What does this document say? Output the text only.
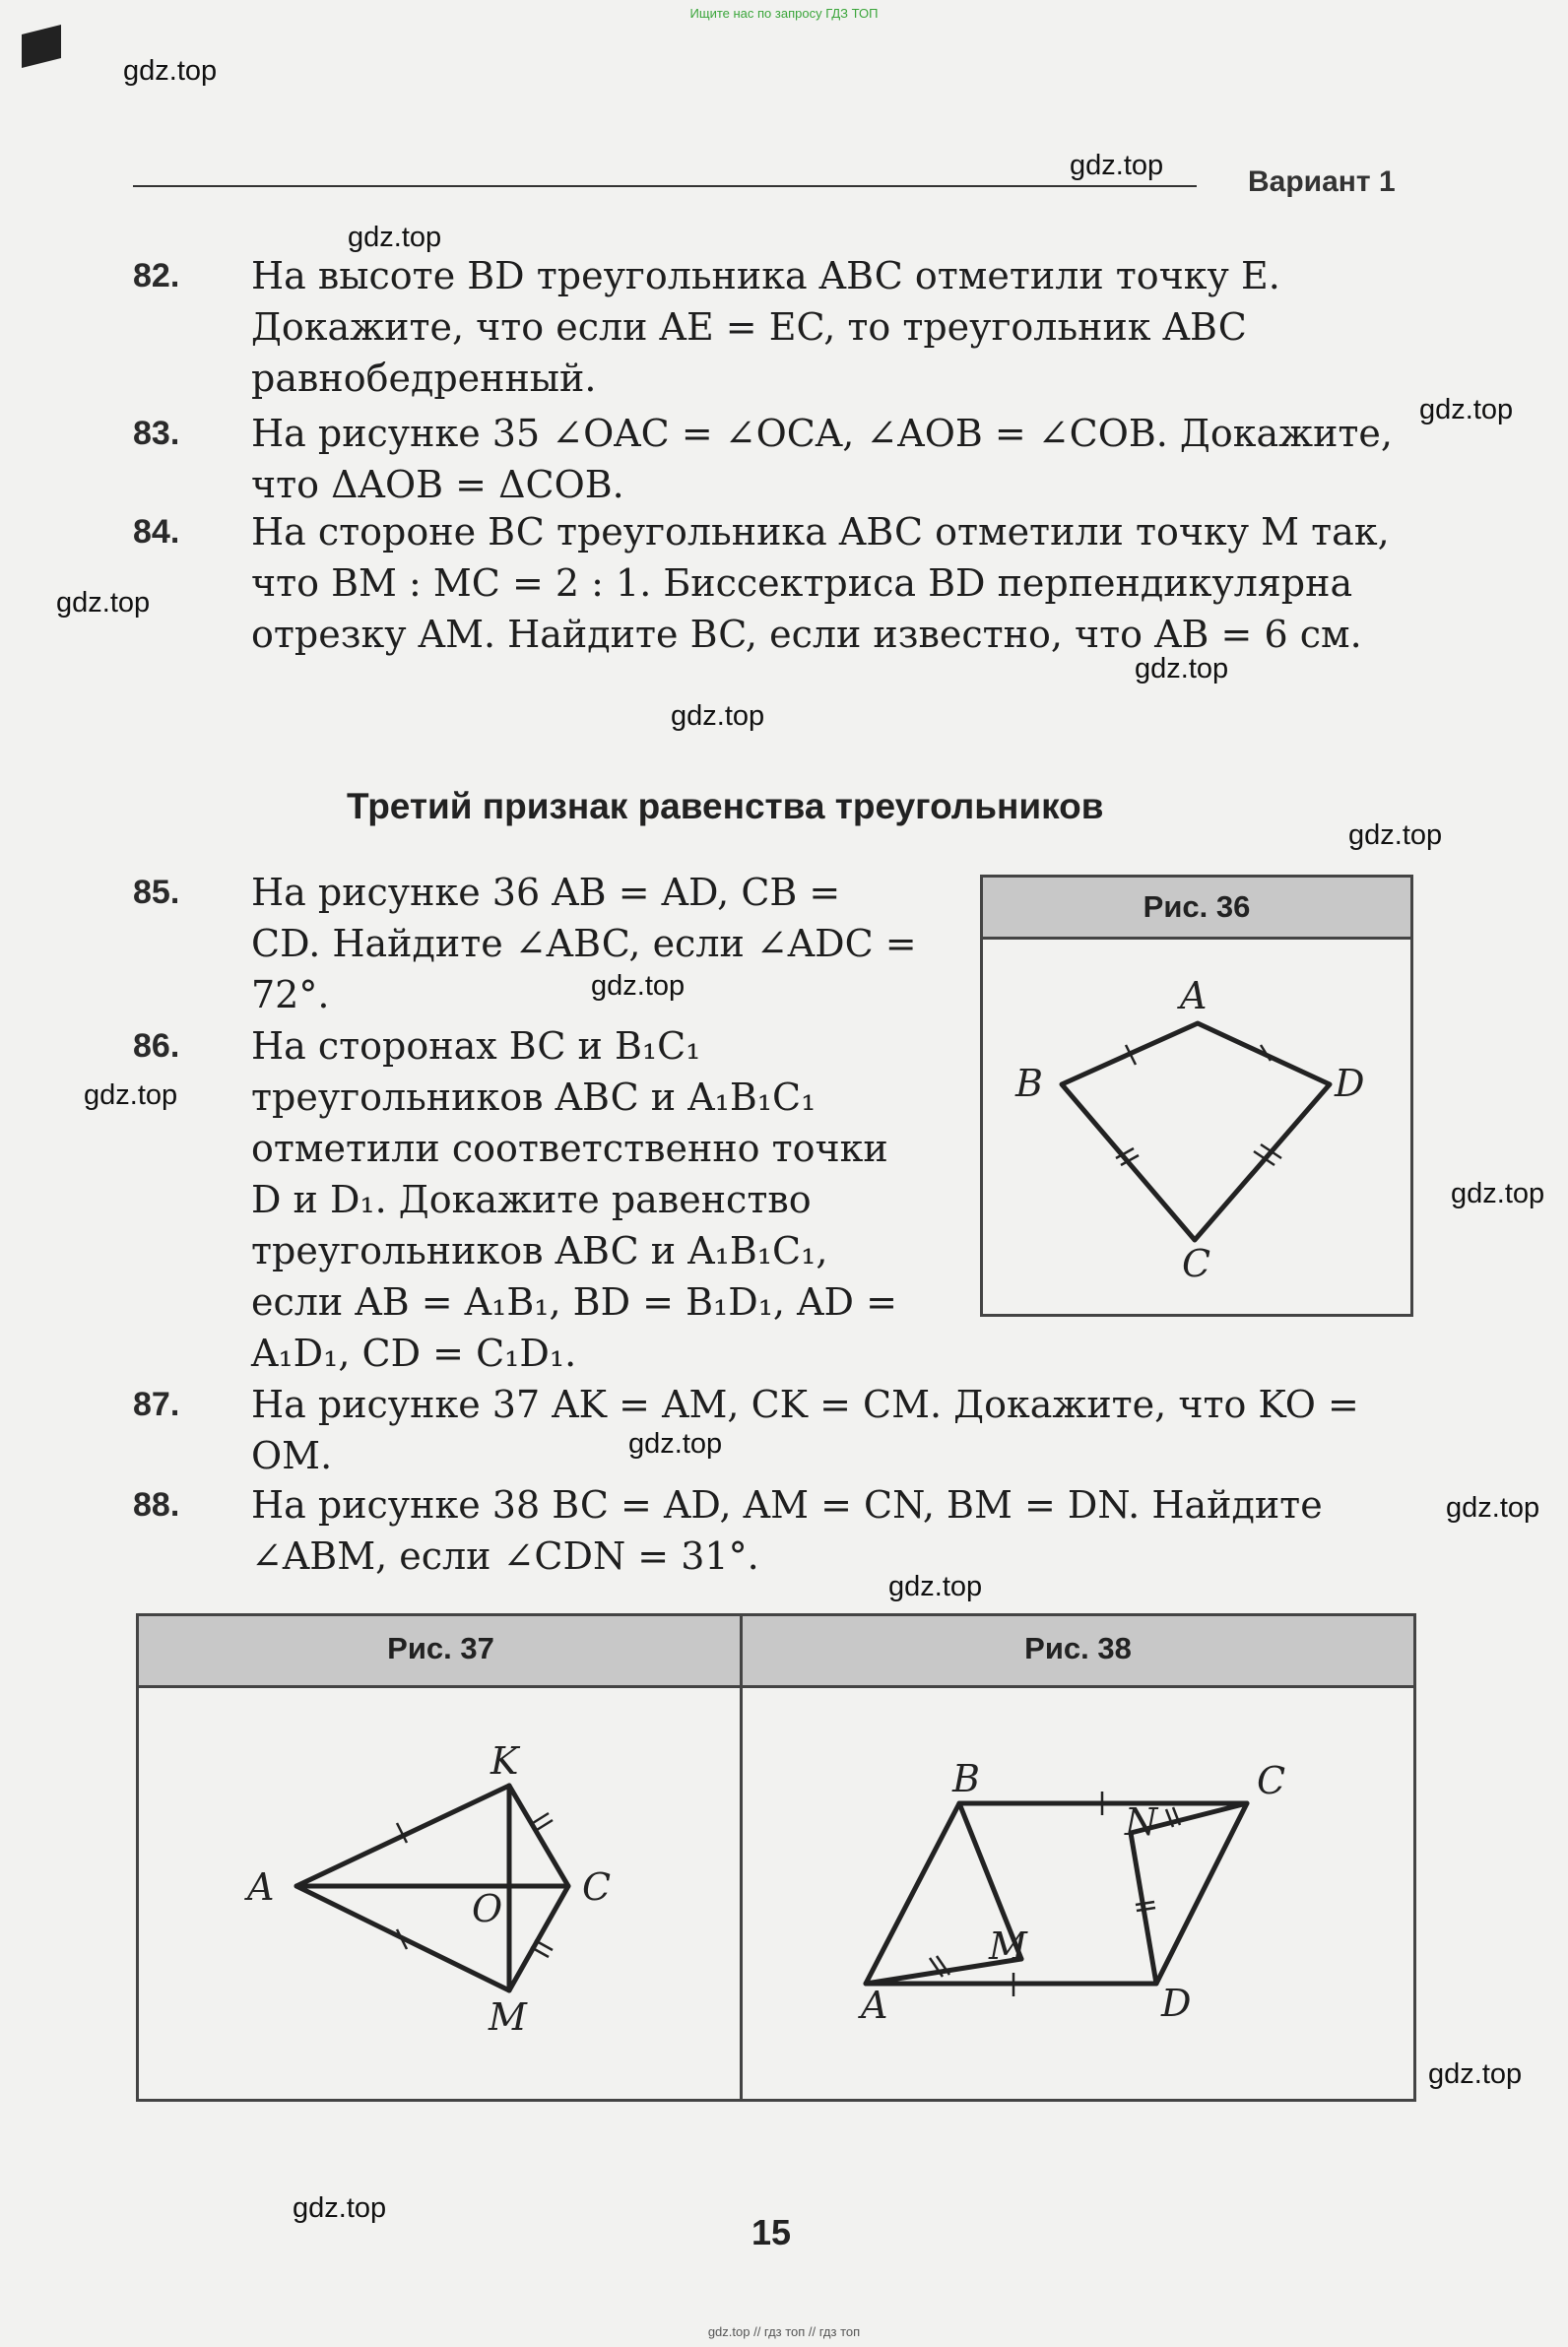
Ищите нас по запросу ГДЗ ТОП
Вариант 1
gdz.top
gdz.top
gdz.top
gdz.top
gdz.top
gdz.top
gdz.top
gdz.top
gdz.top
gdz.top
gdz.top
gdz.top
gdz.top
gdz.top
gdz.top
gdz.top
82. На высоте BD треугольника ABC отметили точку E. Докажите, что если AE = EC, то треугольник ABC равнобедренный.
83. На рисунке 35 ∠OAC = ∠OCA, ∠AOB = ∠COB. Докажите, что ΔAOB = ΔCOB.
84. На стороне BC треугольника ABC отметили точку M так, что BM : MC = 2 : 1. Биссектриса BD перпендикулярна отрезку AM. Найдите BC, если известно, что AB = 6 см.
Третий признак равенства треугольников
85. На рисунке 36 AB = AD, CB = CD. Найдите ∠ABC, если ∠ADC = 72°.
86. На сторонах BC и B₁C₁ треугольников ABC и A₁B₁C₁ отметили соответственно точки D и D₁. Докажите равенство треугольников ABC и A₁B₁C₁, если AB = A₁B₁, BD = B₁D₁, AD = A₁D₁, CD = C₁D₁.
87. На рисунке 37 AK = AM, CK = CM. Докажите, что KO = OM.
88. На рисунке 38 BC = AD, AM = CN, BM = DN. Найдите ∠ABM, если ∠CDN = 31°.
Рис. 36
A
B	D
C
Рис. 37
K
A	O C
M
Рис. 38
B	C
N
M
A	D
15
gdz.top // гдз топ // гдз топ
